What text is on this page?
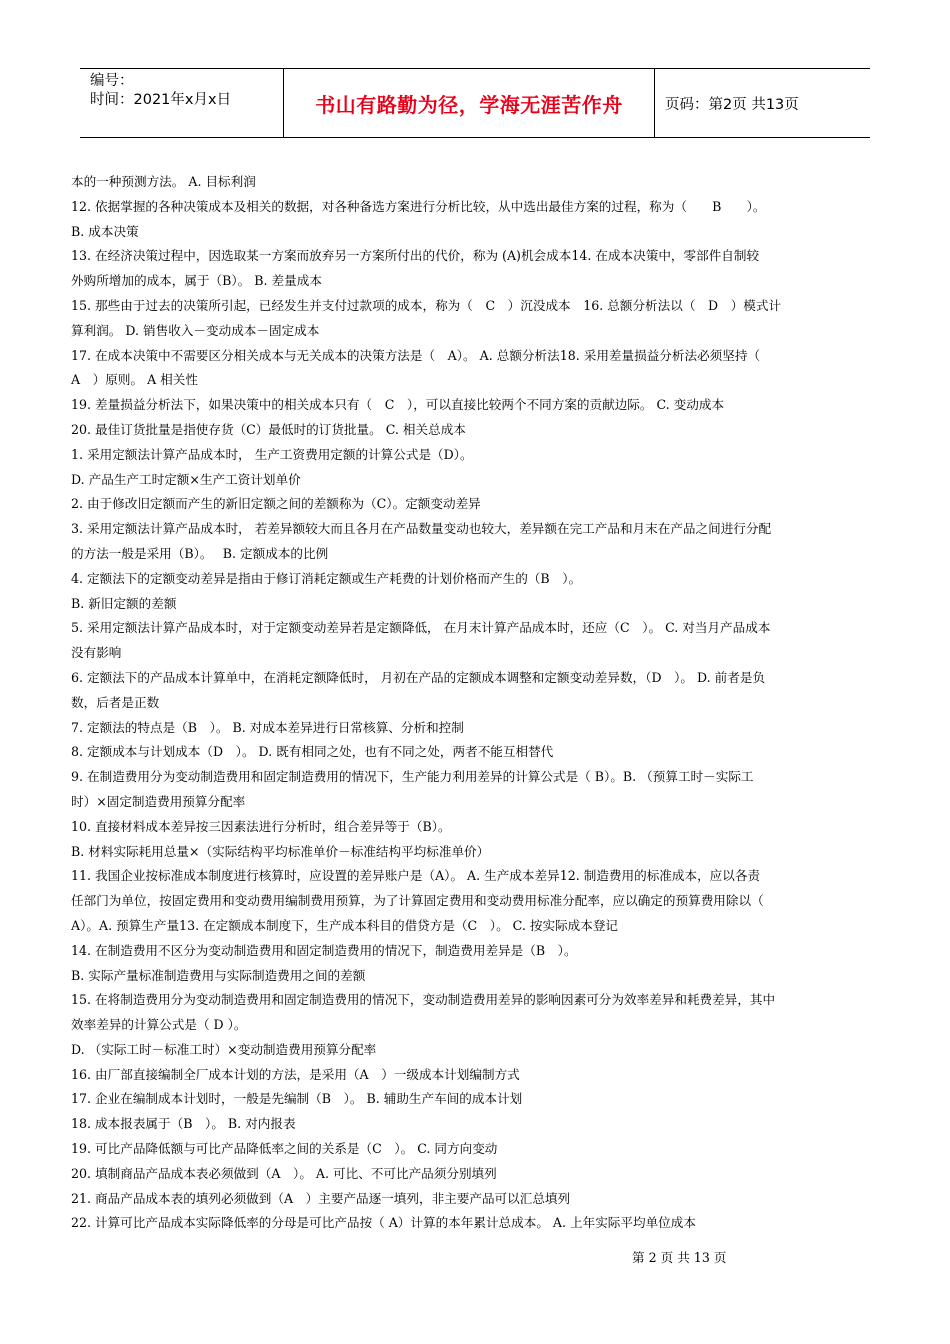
编号：
时间：2021年x月x日	书山有路勤为径，学海无涯苦作舟	页码：第2页 共13页

本的一种预测方法。 A. 目标利润

12. 依据掌握的各种决策成本及相关的数据，对各种备选方案进行分析比较，从中选出最佳方案的过程，称为（　　B　　）。

B. 成本决策

13. 在经济决策过程中，因选取某一方案而放弃另一方案所付出的代价，称为 (A)机会成本14. 在成本决策中，零部件自制较

外购所增加的成本，属于（B）。 B. 差量成本

15. 那些由于过去的决策所引起，已经发生并支付过款项的成本，称为（　C　）沉没成本　16. 总额分析法以（　D　）模式计

算利润。 D. 销售收入－变动成本－固定成本

17. 在成本决策中不需要区分相关成本与无关成本的决策方法是（　A）。 A. 总额分析法18. 采用差量损益分析法必须坚持（

A　）原则。 A 相关性

19. 差量损益分析法下，如果决策中的相关成本只有（　C　），可以直接比较两个不同方案的贡献边际。 C. 变动成本

20. 最佳订货批量是指使存货（C）最低时的订货批量。 C. 相关总成本

1. 采用定额法计算产品成本时， 生产工资费用定额的计算公式是（D）。

D. 产品生产工时定额×生产工资计划单价

2. 由于修改旧定额而产生的新旧定额之间的差额称为（C）。定额变动差异

3. 采用定额法计算产品成本时， 若差异额较大而且各月在产品数量变动也较大，差异额在完工产品和月末在产品之间进行分配

的方法一般是采用（B）。　 B. 定额成本的比例

4. 定额法下的定额变动差异是指由于修订消耗定额或生产耗费的计划价格而产生的（B　）。

B. 新旧定额的差额

5. 采用定额法计算产品成本时，对于定额变动差异若是定额降低， 在月末计算产品成本时，还应（C　）。 C. 对当月产品成本

没有影响

6. 定额法下的产品成本计算单中，在消耗定额降低时， 月初在产品的定额成本调整和定额变动差异数，（D　）。 D. 前者是负

数，后者是正数

7. 定额法的特点是（B　）。 B. 对成本差异进行日常核算、分析和控制

8. 定额成本与计划成本（D　）。 D. 既有相同之处，也有不同之处，两者不能互相替代

9. 在制造费用分为变动制造费用和固定制造费用的情况下，生产能力利用差异的计算公式是（ B）。B. （预算工时－实际工

时）×固定制造费用预算分配率

10. 直接材料成本差异按三因素法进行分析时，组合差异等于（B）。

B. 材料实际耗用总量×（实际结构平均标准单价－标准结构平均标准单价）

11. 我国企业按标准成本制度进行核算时，应设置的差异账户是（A）。 A. 生产成本差异12. 制造费用的标准成本，应以各责

任部门为单位，按固定费用和变动费用编制费用预算，为了计算固定费用和变动费用标准分配率，应以确定的预算费用除以（

A）。A. 预算生产量13. 在定额成本制度下，生产成本科目的借贷方是（C　）。 C. 按实际成本登记

14. 在制造费用不区分为变动制造费用和固定制造费用的情况下，制造费用差异是（B　）。

B. 实际产量标准制造费用与实际制造费用之间的差额

15. 在将制造费用分为变动制造费用和固定制造费用的情况下，变动制造费用差异的影响因素可分为效率差异和耗费差异，其中

效率差异的计算公式是（ D ）。

D. （实际工时－标准工时）×变动制造费用预算分配率

16. 由厂部直接编制全厂成本计划的方法，是采用（A　）一级成本计划编制方式

17. 企业在编制成本计划时，一般是先编制（B　）。 B. 辅助生产车间的成本计划

18. 成本报表属于（B　）。 B. 对内报表

19. 可比产品降低额与可比产品降低率之间的关系是（C　）。 C. 同方向变动

20. 填制商品产品成本表必须做到（A　）。 A. 可比、不可比产品须分别填列

21. 商品产品成本表的填列必须做到（A　）主要产品逐一填列，非主要产品可以汇总填列

22. 计算可比产品成本实际降低率的分母是可比产品按（ A）计算的本年累计总成本。 A. 上年实际平均单位成本

第 2 页 共 13 页
